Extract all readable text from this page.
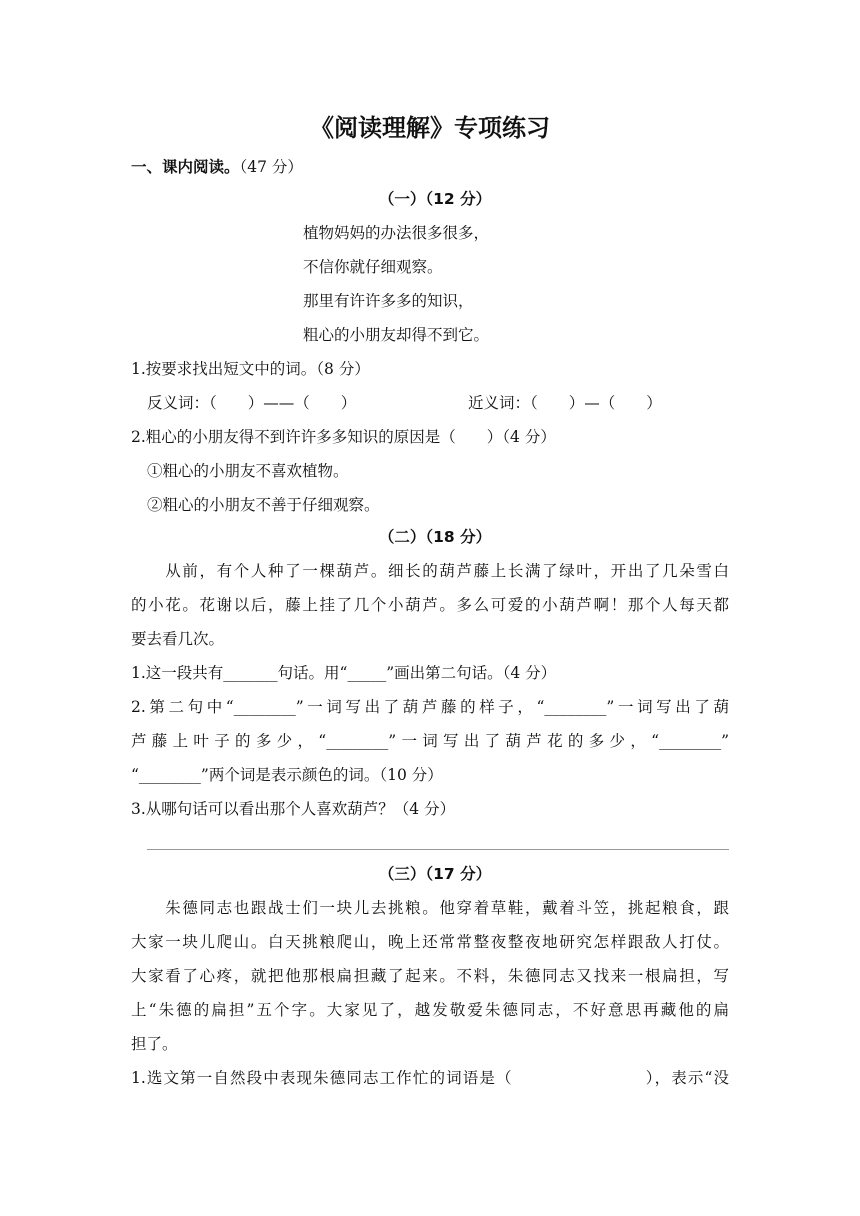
《阅读理解》专项练习
一、课内阅读。（47 分）
（一）（12 分）
植物妈妈的办法很多很多，
不信你就仔细观察。
那里有许许多多的知识，
粗心的小朋友却得不到它。
1.按要求找出短文中的词。（8 分）
反义词：（　　）——（　　）	近义词：（　　）—（　　）
2.粗心的小朋友得不到许许多多知识的原因是（　　）（4 分）
①粗心的小朋友不喜欢植物。
②粗心的小朋友不善于仔细观察。
（二）（18 分）
　　从前，有个人种了一棵葫芦。细长的葫芦藤上长满了绿叶，开出了几朵雪白
的小花。花谢以后，藤上挂了几个小葫芦。多么可爱的小葫芦啊！那个人每天都
要去看几次。
1.这一段共有_______句话。用“_____”画出第二句话。（4 分）
2.第二句中“________”一词写出了葫芦藤的样子，“________”一词写出了葫
芦藤上叶子的多少，“________”一词写出了葫芦花的多少，“________”
“________”两个词是表示颜色的词。（10 分）
3.从哪句话可以看出那个人喜欢葫芦？（4 分）
（三）（17 分）
　　朱德同志也跟战士们一块儿去挑粮。他穿着草鞋，戴着斗笠，挑起粮食，跟
大家一块儿爬山。白天挑粮爬山，晚上还常常整夜整夜地研究怎样跟敌人打仗。
大家看了心疼，就把他那根扁担藏了起来。不料，朱德同志又找来一根扁担，写
上“朱德的扁担”五个字。大家见了，越发敬爱朱德同志，不好意思再藏他的扁
担了。
1.选文第一自然段中表现朱德同志工作忙的词语是（　　　　　　　　），表示“没
